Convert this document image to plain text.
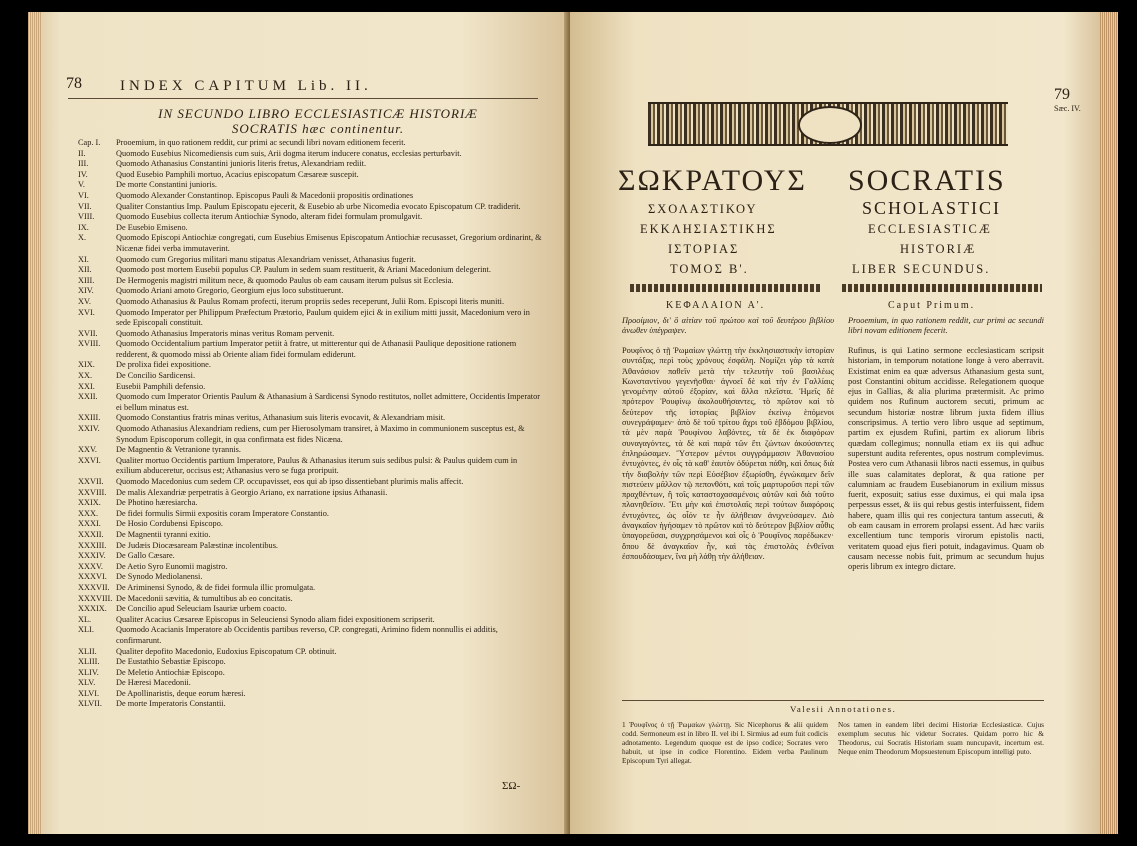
78	INDEX CAPITUM Lib. II.
IN SECUNDO LIBRO ECCLESIASTICÆ HISTORIÆ
SOCRATIS hæc continentur.
Cap. I.	Prooemium, in quo rationem reddit, cur primi ac secundi libri novam editionem fecerit.
II.	Quomodo Eusebius Nicomediensis cum suis, Arii dogma iterum inducere conatus, ecclesias perturbavit.
III.	Quomodo Athanasius Constantini junioris literis fretus, Alexandriam rediit.
IV.	Quod Eusebio Pamphili mortuo, Acacius episcopatum Cæsareæ suscepit.
V.	De morte Constantini junioris.
VI.	Quomodo Alexander Constantinop. Episcopus Pauli & Macedonii propositis ordinationes
VII.	Qualiter Constantius Imp. Paulum Episcopatu ejecerit, & Eusebio ab urbe Nicomedia evocato Episcopatum CP. tradiderit.
VIII.	Quomodo Eusebius collecta iterum Antiochiæ Synodo, alteram fidei formulam promulgavit.
IX.	De Eusebio Emiseno.
X.	Quomodo Episcopi Antiochiæ congregati, cum Eusebius Emisenus Episcopatum Antiochiæ recusasset, Gregorium ordinarint, & Nicænæ fidei verba immutaverint.
XI.	Quomodo cum Gregorius militari manu stipatus Alexandriam venisset, Athanasius fugerit.
XII.	Quomodo post mortem Eusebii populus CP. Paulum in sedem suam restituerit, & Ariani Macedonium delegerint.
XIII.	De Hermogenis magistri militum nece, & quomodo Paulus ob eam causam iterum pulsus sit Ecclesia.
XIV.	Quomodo Ariani amoto Gregorio, Georgium ejus loco substituerunt.
XV.	Quomodo Athanasius & Paulus Romam profecti, iterum propriis sedes receperunt, Julii Rom. Episcopi literis muniti.
XVI.	Quomodo Imperator per Philippum Præfectum Prætorio, Paulum quidem ejici & in exilium mitti jussit, Macedonium vero in sede Episcopali constituit.
XVII.	Quomodo Athanasius Imperatoris minas veritus Romam pervenit.
XVIII.	Quomodo Occidentalium partium Imperator petiit à fratre, ut mitterentur qui de Athanasii Paulique depositione rationem redderent, & quomodo missi ab Oriente aliam fidei formulam ediderunt.
XIX.	De prolixa fidei expositione.
XX.	De Concilio Sardicensi.
XXI.	Eusebii Pamphili defensio.
XXII.	Quomodo cum Imperator Orientis Paulum & Athanasium à Sardicensi Synodo restitutos, nollet admittere, Occidentis Imperator ei bellum minatus est.
XXIII.	Quomodo Constantius fratris minas veritus, Athanasium suis literis evocavit, & Alexandriam misit.
XXIV.	Quomodo Athanasius Alexandriam rediens, cum per Hierosolymam transiret, à Maximo in communionem susceptus est, & Synodum Episcoporum collegit, in qua confirmata est fides Nicæna.
XXV.	De Magnentio & Vetranione tyrannis.
XXVI.	Qualiter mortuo Occidentis partium Imperatore, Paulus & Athanasius iterum suis sedibus pulsi: & Paulus quidem cum in exilium abduceretur, occisus est; Athanasius vero se fuga proripuit.
XXVII.	Quomodo Macedonius cum sedem CP. occupavisset, eos qui ab ipso dissentiebant plurimis malis affecit.
XXVIII.	De malis Alexandriæ perpetratis à Georgio Ariano, ex narratione ipsius Athanasii.
XXIX.	De Photino hæresiarcha.
XXX.	De fidei formulis Sirmii expositis coram Imperatore Constantio.
XXXI.	De Hosio Cordubensi Episcopo.
XXXII.	De Magnentii tyranni exitio.
XXXIII.	De Judæis Diocæsaream Palæstinæ incolentibus.
XXXIV.	De Gallo Cæsare.
XXXV.	De Aetio Syro Eunomii magistro.
XXXVI.	De Synodo Mediolanensi.
XXXVII. De Ariminensi Synodo, & de fidei formula illic promulgata.
XXXVIII. De Macedonii sævitia, & tumultibus ab eo concitatis.
XXXIX.	De Concilio apud Seleuciam Isauriæ urbem coacto.
XL.	Qualiter Acacius Cæsareæ Episcopus in Seleuciensi Synodo aliam fidei expositionem scripserit.
XLI.	Quomodo Acacianis Imperatore ab Occidentis partibus reverso, CP. congregati, Arimino fidem nonnullis ei additis, confirmarunt.
XLII.	Qualiter depofito Macedonio, Eudoxius Episcopatum CP. obtinuit.
XLIII.	De Eustathio Sebastiæ Episcopo.
XLIV.	De Meletio Antiochiæ Episcopo.
XLV.	De Hæresi Macedonii.
XLVI.	De Apollinaristis, deque eorum hæresi.
XLVII.	De morte Imperatoris Constantii.
ΣΩ-
79
Sæc. IV.
ΣΩΚΡΑΤΟΥΣ SOCRATIS
ΣΧΟΛΑΣΤΙΚΟΥ
ΕΚΚΛΗΣΙΑΣΤΙΚΗΣ
ΙΣΤΟΡΙΑΣ
ΤΟΜΟΣ Β'.
SCHOLASTICI
ECCLESIASTICÆ
HISTORIÆ
LIBER SECUNDUS.
ΚΕΦΑΛΑΙΟΝ Α'.	Caput Primum.
Προοίμιον, δι' ὃ αἰτίαν τοῦ πρώτου καὶ τοῦ δευτέρου βιβλίου ἀνωθεν ὑπέγραψεν.
Prooemium, in quo rationem reddit, cur primi ac secundi libri novam editionem fecerit.
Ρουφῖνος ὁ τῇ Ῥωμαίων γλώττῃ τὴν ἐκκλησιαστικὴν ἱστορίαν συντάξας, περὶ τοὺς χρόνους ἐσφάλη. Νομίζει γὰρ τὰ κατὰ Ἀθανάσιον παθεῖν μετὰ τὴν τελευτὴν τοῦ βασιλέως Κωνσταντίνου γεγενῆσθαι· ἀγνοεῖ δὲ καὶ τὴν ἐν Γαλλίαις γενομένην αὐτοῦ ἐξορίαν, καὶ ἄλλα πλεῖστα. Ἡμεῖς δὲ πρότερον Ῥουφίνῳ ἀκολουθήσαντες, τὸ πρῶτον καὶ τὸ δεύτερον τῆς ἱστορίας βιβλίον ἐκείνῳ ἑπόμενοι συνεγράψαμεν· ἀπὸ δὲ τοῦ τρίτου ἄχρι τοῦ ἑβδόμου βιβλίου, τὰ μὲν παρὰ Ῥουφίνου λαβόντες, τὰ δὲ ἐκ διαφόρων συναγαγόντες, τὰ δὲ καὶ παρὰ τῶν ἔτι ζώντων ἀκούσαντες ἐπληρώσαμεν. Ὕστερον μέντοι συγγράμμασιν Ἀθανασίου ἐντυχόντες, ἐν οἷς τὰ καθ' ἑαυτὸν ὀδύρεται πάθη, καὶ ὅπως διὰ τὴν διαβολὴν τῶν περὶ Εὐσέβιον ἐξωρίσθη, ἐγνώκαμεν δεῖν πιστεύειν μᾶλλον τῷ πεπονθότι, καὶ τοῖς μαρτυροῦσι περὶ τῶν πραχθέντων, ἢ τοῖς καταστοχασαμένοις αὐτῶν καὶ διὰ τοῦτο πλανηθεῖσιν. Ἔτι μὴν καὶ ἐπιστολαῖς περὶ τούτων διαφόροις ἐντυχόντες, ὡς οἷόν τε ἦν ἀλήθειαν ἀνιχνεύσαμεν. Διὸ ἀναγκαῖον ἡγήσαμεν τὸ πρῶτον καὶ τὸ δεύτερον βιβλίον αὖθις ὑπαγορεῦσαι, συγχρησάμενοι καὶ οἷς ὁ Ῥουφῖνος παρέδωκεν· ὅπου δὲ ἀναγκαῖον ἦν, καὶ τὰς ἐπιστολὰς ἐνθεῖναι ἐσπουδάσαμεν, ἵνα μὴ λάθῃ τὴν ἀλήθειαν.
Rufinus, is qui Latino sermone ecclesiasticam scripsit historiam, in temporum notatione longe à vero aberravit. Existimat enim ea quæ adversus Athanasium gesta sunt, post Constantini obitum accidisse. Relegationem quoque ejus in Gallias, & alia plurima prætermisit. Ac primo quidem nos Rufinum auctorem secuti, primum ac secundum historiæ nostræ librum juxta fidem illius conscripsimus. A tertio vero libro usque ad septimum, partim ex ejusdem Rufini, partim ex aliorum libris quædam collegimus; nonnulla etiam ex iis qui adhuc superstunt audita referentes, opus nostrum complevimus. Postea vero cum Athanasii libros nacti essemus, in quibus ille suas calamitates deplorat, & qua ratione per calumniam ac fraudem Eusebianorum in exilium missus fuerit, exposuit; satius esse duximus, ei qui mala ipsa perpessus esset, & iis qui rebus gestis interfuissent, fidem habere, quam illis qui res conjectura tantum assecuti, & ob eam causam in errorem prolapsi essent. Ad hæc variis excellentium tunc temporis virorum epistolis nacti, veritatem quoad ejus fieri potuit, indagavimus. Quam ob causam necesse nobis fuit, primum ac secundum hujus operis librum ex integro dictare.
Valesii Annotationes.
1 Ῥουφῖνος ὁ τῇ Ῥωμαίων γλώττῃ. Sic Nicephorus & alii quidem codd. Sermoneum est in libro II. vel ibi Ι. Sirmius ad eum fuit codicis adnotamento. Legendum quoque est de ipso codice; Socrates vero habuit, ut ipse in codice Florentino. Eidem verba Paulinum Episcopum Tyri allegat.
Nos tamen in eandem libri decimi Historiæ Ecclesiasticæ. Cujus exemplum secutus hic videtur Socrates. Quidam porro hic & Theodorus, cui Socratis Historiam suam nuncupavit, incertum est. Neque enim Theodorum Mopsuestenum Episcopum intelligi puto.
